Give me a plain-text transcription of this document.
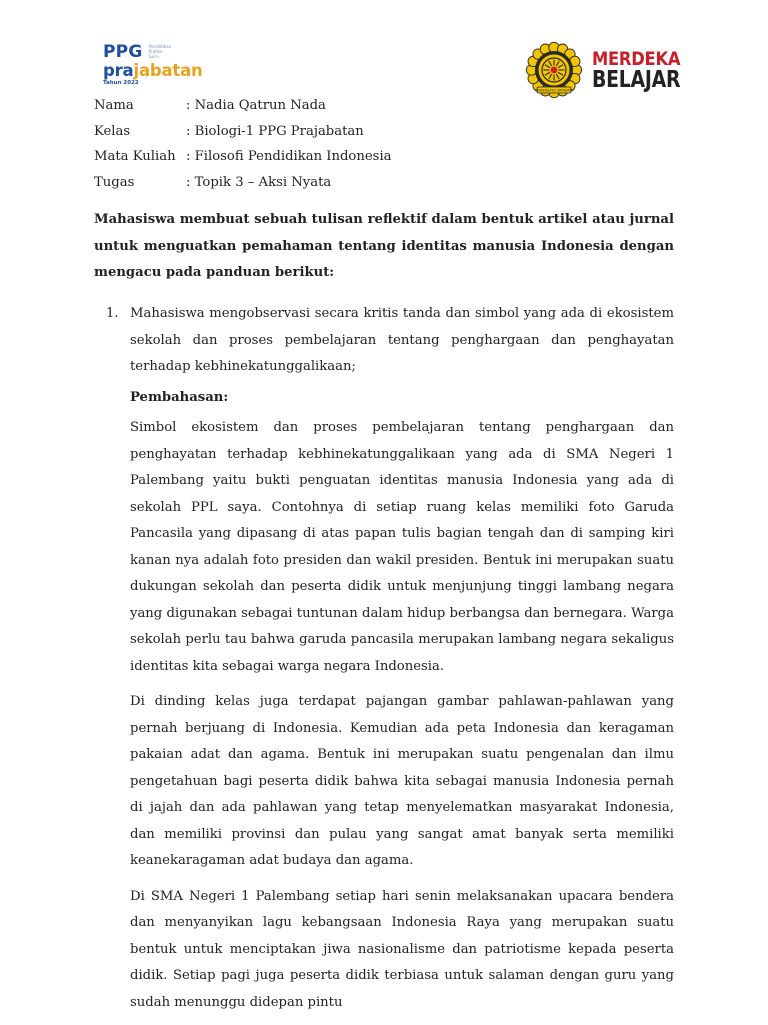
PPG Pendidikan
Profesi
Guru
prajabatan
Tahun 2022
UNIVERSITAS SRIWIJAYA
MERDEKA
BELAJAR
Nama	: Nadia Qatrun Nada
Kelas	: Biologi-1 PPG Prajabatan
Mata Kuliah : Filosofi Pendidikan Indonesia
Tugas	: Topik 3 – Aksi Nyata

Mahasiswa membuat sebuah tulisan reflektif dalam bentuk artikel atau jurnal untuk menguatkan pemahaman tentang identitas manusia Indonesia dengan mengacu pada panduan berikut:

1. Mahasiswa mengobservasi secara kritis tanda dan simbol yang ada di ekosistem sekolah dan proses pembelajaran tentang penghargaan dan penghayatan terhadap kebhinekatunggalikaan;

Pembahasan:

Simbol ekosistem dan proses pembelajaran tentang penghargaan dan penghayatan terhadap kebhinekatunggalikaan yang ada di SMA Negeri 1 Palembang yaitu bukti penguatan identitas manusia Indonesia yang ada di sekolah PPL saya. Contohnya di setiap ruang kelas memiliki foto Garuda Pancasila yang dipasang di atas papan tulis bagian tengah dan di samping kiri kanan nya adalah foto presiden dan wakil presiden. Bentuk ini merupakan suatu dukungan sekolah dan peserta didik untuk menjunjung tinggi lambang negara yang digunakan sebagai tuntunan dalam hidup berbangsa dan bernegara. Warga sekolah perlu tau bahwa garuda pancasila merupakan lambang negara sekaligus identitas kita sebagai warga negara Indonesia.

Di dinding kelas juga terdapat pajangan gambar pahlawan-pahlawan yang pernah berjuang di Indonesia. Kemudian ada peta Indonesia dan keragaman pakaian adat dan agama. Bentuk ini merupakan suatu pengenalan dan ilmu pengetahuan bagi peserta didik bahwa kita sebagai manusia Indonesia pernah di jajah dan ada pahlawan yang tetap menyelematkan masyarakat Indonesia, dan memiliki provinsi dan pulau yang sangat amat banyak serta memiliki keanekaragaman adat budaya dan agama.

Di SMA Negeri 1 Palembang setiap hari senin melaksanakan upacara bendera dan menyanyikan lagu kebangsaan Indonesia Raya yang merupakan suatu bentuk untuk menciptakan jiwa nasionalisme dan patriotisme kepada peserta didik. Setiap pagi juga peserta didik terbiasa untuk salaman dengan guru yang sudah menunggu didepan pintu
